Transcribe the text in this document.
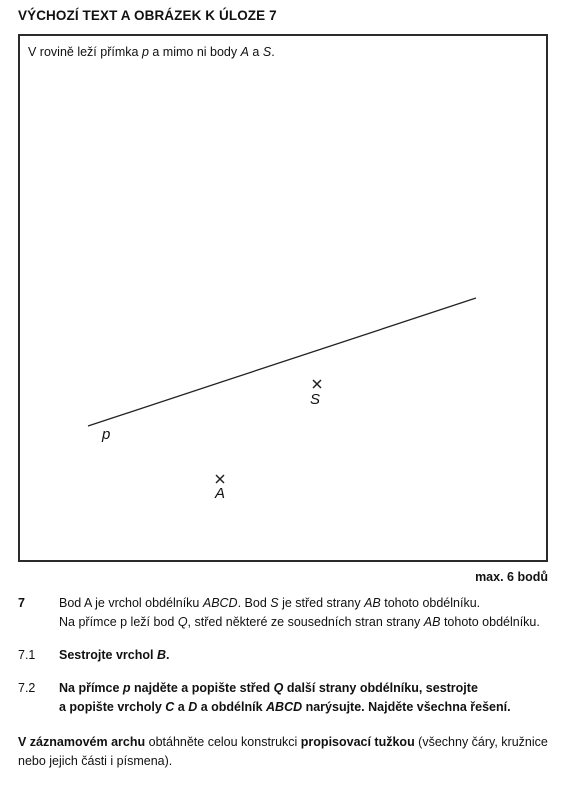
VÝCHOZÍ TEXT A OBRÁZEK K ÚLOZE 7
V rovině leží přímka p a mimo ni body A a S.
p
S
A
max. 6 bodů
7	Bod A je vrchol obdélníku ABCD. Bod S je střed strany AB tohoto obdélníku.
Na přímce p leží bod Q, střed některé ze sousedních stran strany AB tohoto obdélníku.
7.1	Sestrojte vrchol B.
7.2	Na přímce p najděte a popište střed Q další strany obdélníku, sestrojte
a popište vrcholy C a D a obdélník ABCD narýsujte. Najděte všechna řešení.
V záznamovém archu obtáhněte celou konstrukci propisovací tužkou (všechny čáry, kružnice nebo jejich části i písmena).
